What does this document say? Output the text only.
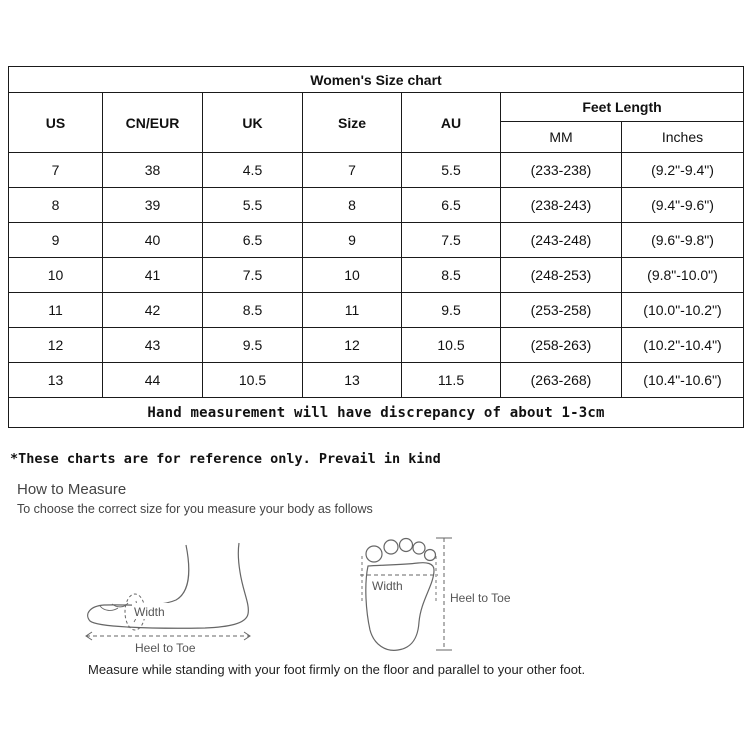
Women's Size chart						
US	CN/EUR	UK	Size	AU	Feet Length	
					MM	Inches
7	38	4.5	7	5.5	(233-238)	(9.2"-9.4")
8	39	5.5	8	6.5	(238-243)	(9.4"-9.6")
9	40	6.5	9	7.5	(243-248)	(9.6"-9.8")
10	41	7.5	10	8.5	(248-253)	(9.8"-10.0")
11	42	8.5	11	9.5	(253-258)	(10.0"-10.2")
12	43	9.5	12	10.5	(258-263)	(10.2"-10.4")
13	44	10.5	13	11.5	(263-268)	(10.4"-10.6")
Hand measurement will have discrepancy of about 1-3cm						
*These charts are for reference only. Prevail in kind
How to Measure
To choose the correct size for you measure your body as follows
Width
Heel to Toe
Width
Heel to Toe
Measure while standing with your foot firmly on the floor and parallel to your other foot.
